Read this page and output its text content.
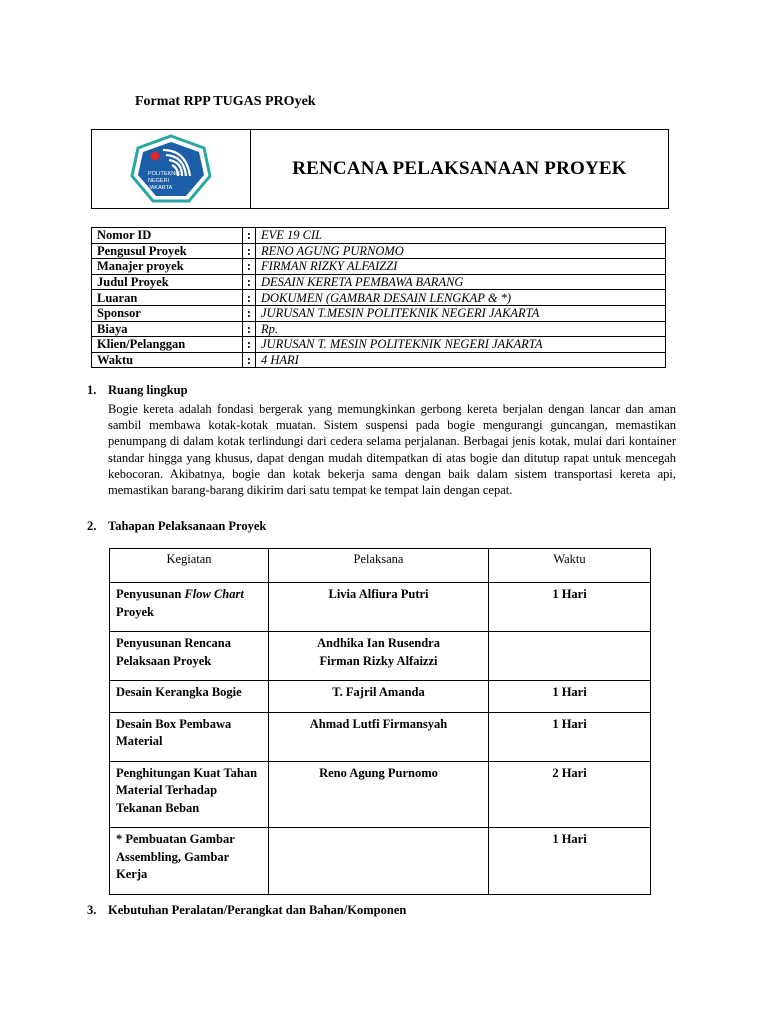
Format RPP TUGAS PROyek
POLITEKNIK
NEGERI
JAKARTA
RENCANA PELAKSANAAN PROYEK
Nomor ID	:	EVE 19 CIL
Pengusul Proyek	:	RENO AGUNG PURNOMO
Manajer proyek	:	FIRMAN RIZKY ALFAIZZI
Judul Proyek	:	DESAIN KERETA PEMBAWA BARANG
Luaran	:	DOKUMEN (GAMBAR DESAIN LENGKAP & *)
Sponsor	:	JURUSAN T.MESIN POLITEKNIK NEGERI JAKARTA
Biaya	:	Rp.
Klien/Pelanggan	:	JURUSAN T. MESIN POLITEKNIK NEGERI JAKARTA
Waktu	:	4 HARI
1. Ruang lingkup
Bogie kereta adalah fondasi bergerak yang memungkinkan gerbong kereta berjalan dengan lancar dan aman sambil membawa kotak-kotak muatan. Sistem suspensi pada bogie mengurangi guncangan, memastikan penumpang di dalam kotak terlindungi dari cedera selama perjalanan. Berbagai jenis kotak, mulai dari kontainer standar hingga yang khusus, dapat dengan mudah ditempatkan di atas bogie dan ditutup rapat untuk mencegah kebocoran. Akibatnya, bogie dan kotak bekerja sama dengan baik dalam sistem transportasi kereta api, memastikan barang-barang dikirim dari satu tempat ke tempat lain dengan cepat.
2. Tahapan Pelaksanaan Proyek
Kegiatan	Pelaksana	Waktu
Penyusunan Flow Chart Proyek	Livia Alfiura Putri	1 Hari
Penyusunan Rencana Pelaksaan Proyek	Andhika Ian Rusendra
Firman Rizky Alfaizzi	

Desain Kerangka Bogie	T. Fajril Amanda	1 Hari
Desain Box Pembawa Material	Ahmad Lutfi Firmansyah	1 Hari
Penghitungan Kuat Tahan Material Terhadap Tekanan Beban	Reno Agung Purnomo	2 Hari
* Pembuatan Gambar Assembling, Gambar Kerja		1 Hari
3. Kebutuhan Peralatan/Perangkat dan Bahan/Komponen
